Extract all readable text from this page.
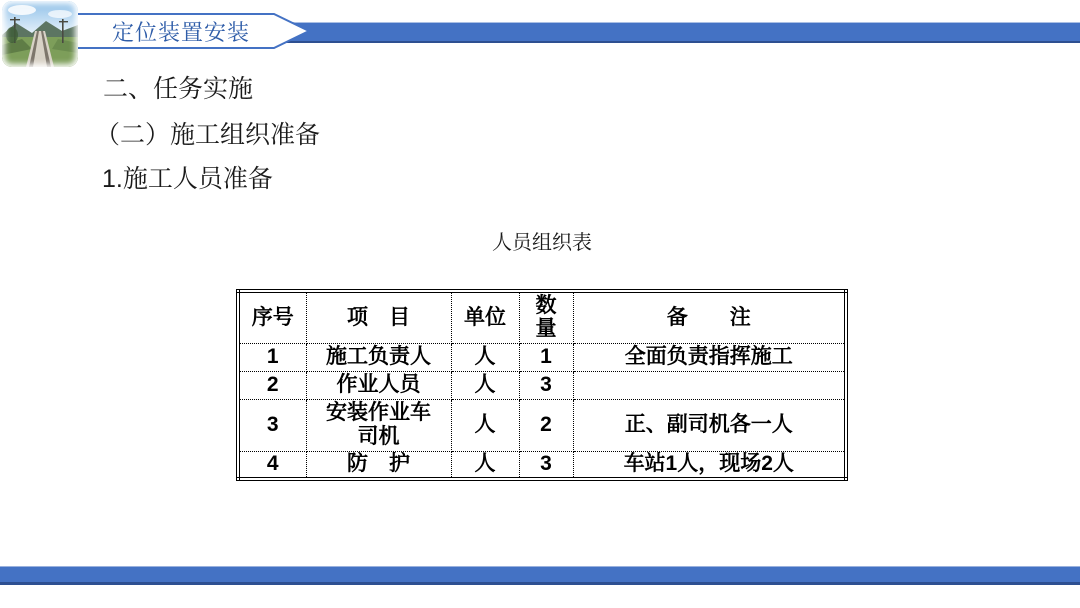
定位装置安装
二、任务实施
（二）施工组织准备
1.施工人员准备
人员组织表
序号	项　目	单位	数量	备　　注
1	施工负责人	人	1	全面负责指挥施工
2	作业人员	人	3	
3	安装作业车司机	人	2	正、副司机各一人
4	防　护	人	3	车站1人，现场2人
